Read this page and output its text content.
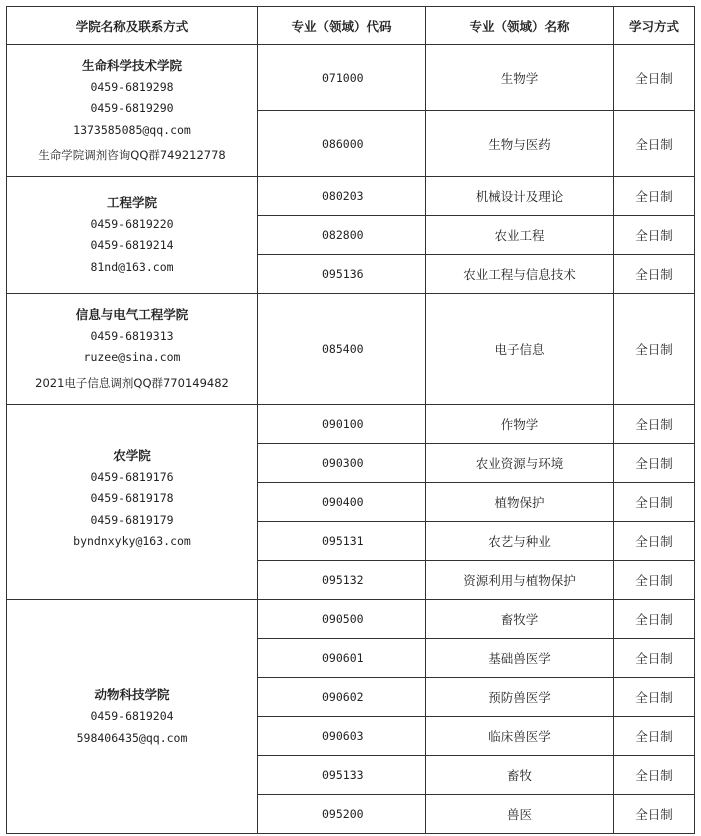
学院名称及联系方式	专业（领域）代码	专业（领域）名称	学习方式

生命科学技术学院
0459-6819298
0459-6819290
1373585085@qq.com
生命学院调剂咨询QQ群749212778	071000	生物学	全日制
	086000	生物与医药	全日制

工程学院
0459-6819220
0459-6819214
81nd@163.com	080203	机械设计及理论	全日制
	082800	农业工程	全日制
	095136	农业工程与信息技术	全日制

信息与电气工程学院
0459-6819313
ruzee@sina.com
2021电子信息调剂QQ群770149482	085400	电子信息	全日制

农学院
0459-6819176
0459-6819178
0459-6819179
byndnxyky@163.com	090100	作物学	全日制
	090300	农业资源与环境	全日制
	090400	植物保护	全日制
	095131	农艺与种业	全日制
	095132	资源利用与植物保护	全日制

动物科技学院
0459-6819204
598406435@qq.com	090500	畜牧学	全日制
	090601	基础兽医学	全日制
	090602	预防兽医学	全日制
	090603	临床兽医学	全日制
	095133	畜牧	全日制
	095200	兽医	全日制
